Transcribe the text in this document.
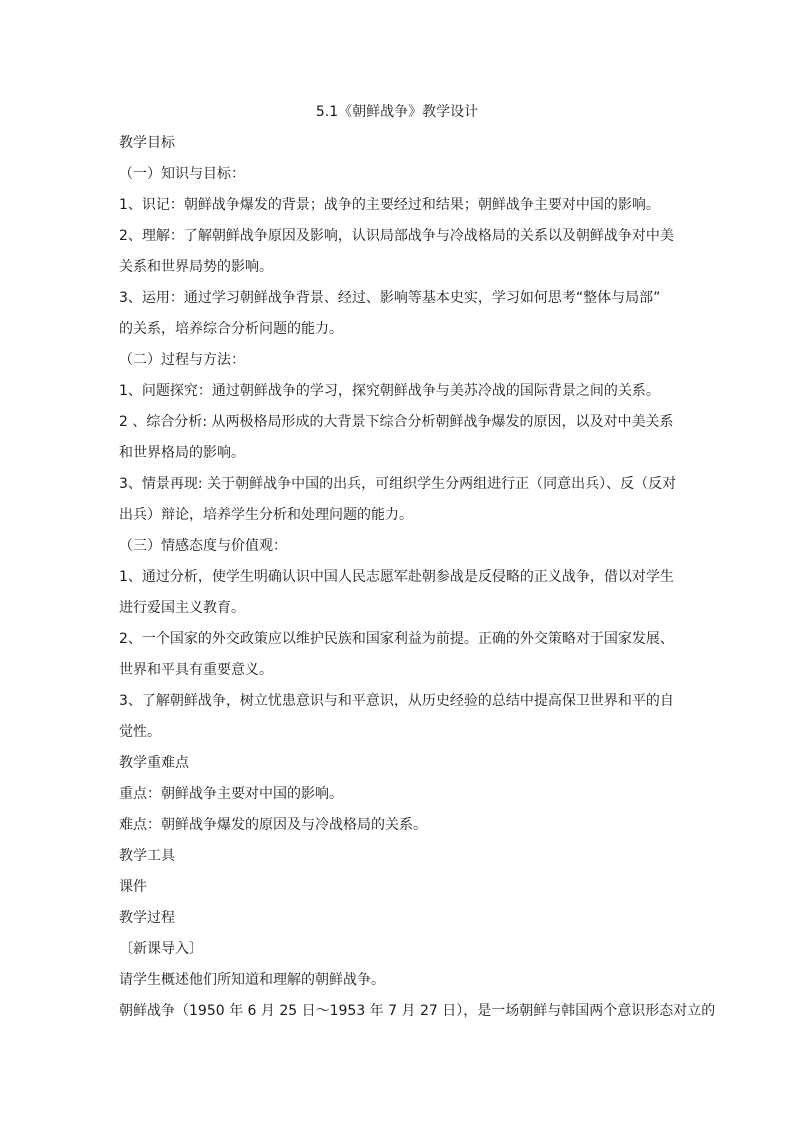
5.1《朝鲜战争》教学设计
教学目标
（一）知识与目标：
1、识记：朝鲜战争爆发的背景；战争的主要经过和结果；朝鲜战争主要对中国的影响。
2、理解：了解朝鲜战争原因及影响，认识局部战争与冷战格局的关系以及朝鲜战争对中美
关系和世界局势的影响。
3、运用：通过学习朝鲜战争背景、经过、影响等基本史实，学习如何思考“整体与局部”
的关系，培养综合分析问题的能力。
（二）过程与方法：
1、问题探究：通过朝鲜战争的学习，探究朝鲜战争与美苏冷战的国际背景之间的关系。
2 、综合分析: 从两极格局形成的大背景下综合分析朝鲜战争爆发的原因，以及对中美关系
和世界格局的影响。
3、情景再现: 关于朝鲜战争中国的出兵，可组织学生分两组进行正（同意出兵）、反（反对
出兵）辩论，培养学生分析和处理问题的能力。
（三）情感态度与价值观：
1、通过分析，使学生明确认识中国人民志愿军赴朝参战是反侵略的正义战争，借以对学生
进行爱国主义教育。
2、一个国家的外交政策应以维护民族和国家利益为前提。正确的外交策略对于国家发展、
世界和平具有重要意义。
3、了解朝鲜战争，树立忧患意识与和平意识，从历史经验的总结中提高保卫世界和平的自
觉性。
教学重难点
重点：朝鲜战争主要对中国的影响。
难点：朝鲜战争爆发的原因及与冷战格局的关系。
教学工具
课件
教学过程
〔新课导入〕
请学生概述他们所知道和理解的朝鲜战争。
朝鲜战争（1950 年 6 月 25 日～1953 年 7 月 27 日），是一场朝鲜与韩国两个意识形态对立的
